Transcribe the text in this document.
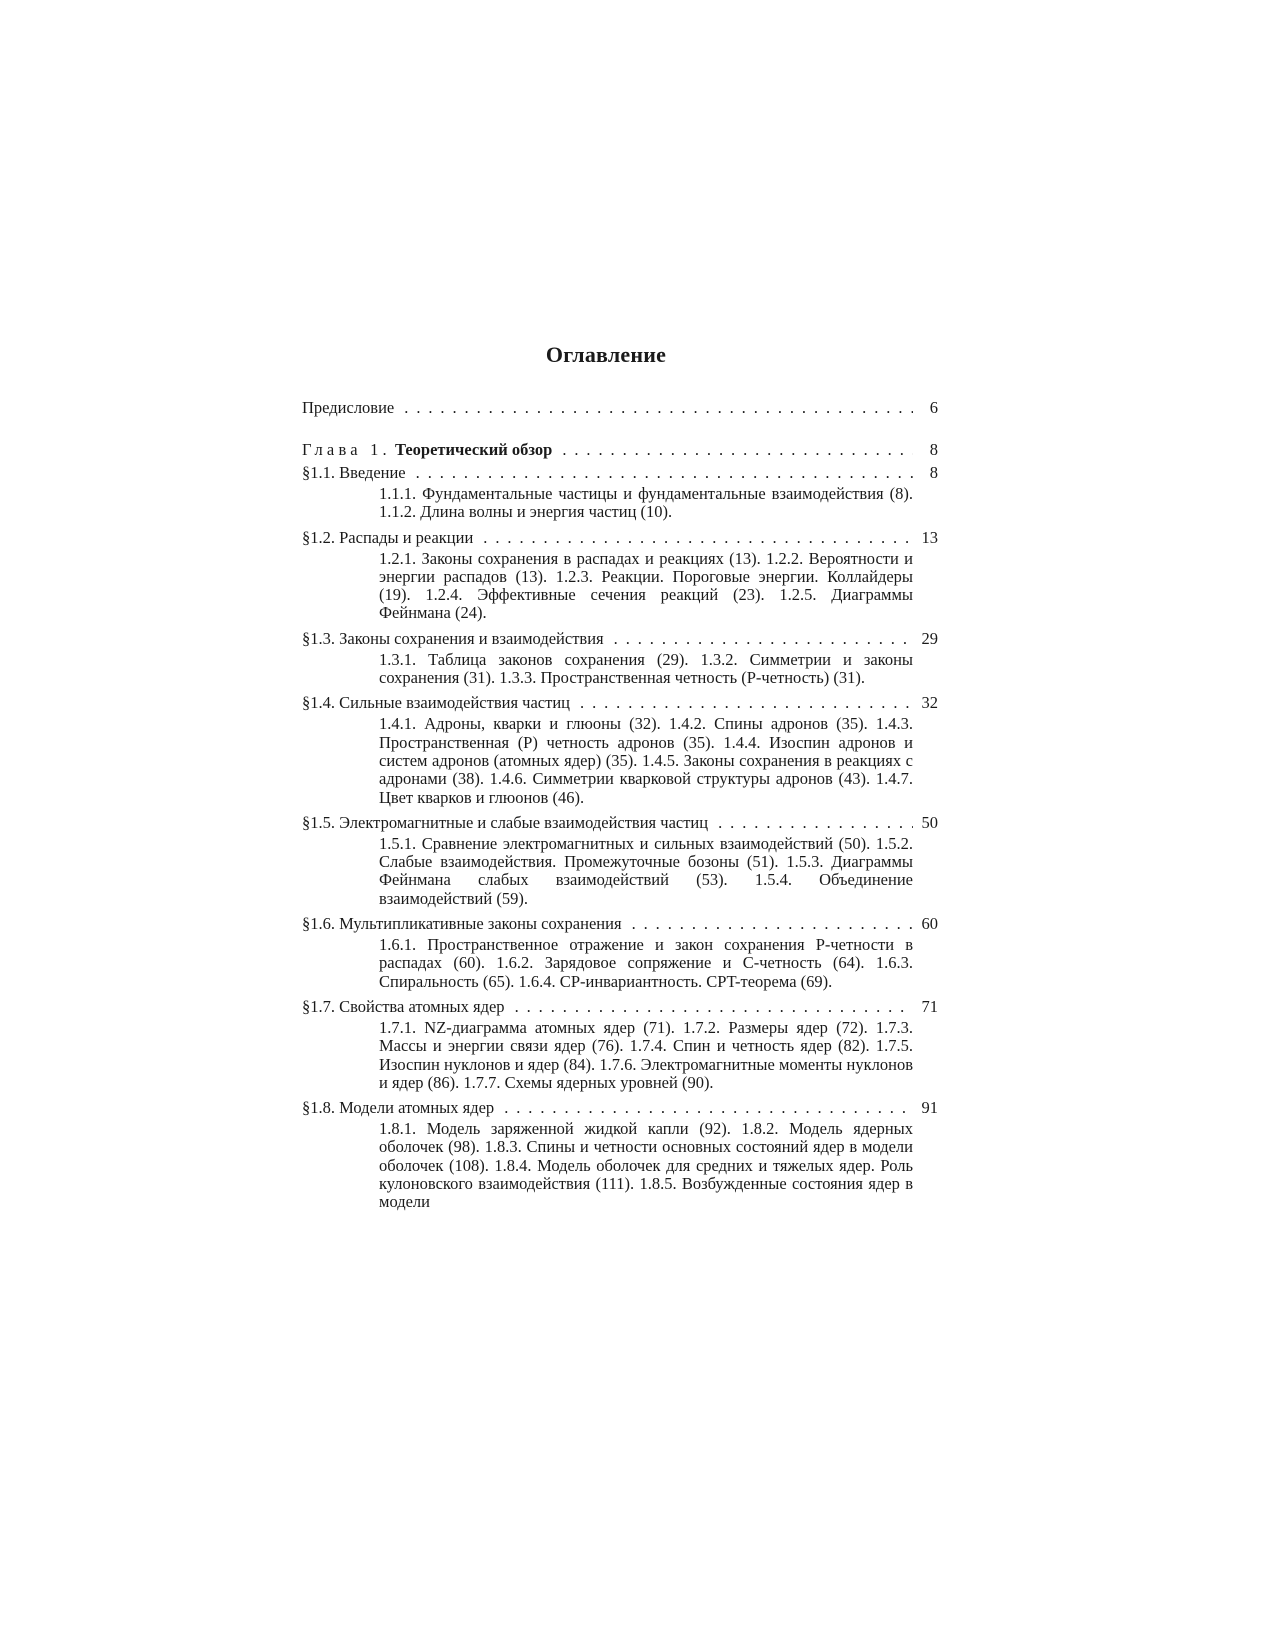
Оглавление
Предисловие . . .	6
Глава 1. Теоретический обзор . . .	8
§1.1. Введение . . .	8
1.1.1. Фундаментальные частицы и фундаментальные взаимодействия (8). 1.1.2. Длина волны и энергия частиц (10).
§1.2. Распады и реакции . . .	13
1.2.1. Законы сохранения в распадах и реакциях (13). 1.2.2. Вероятности и энергии распадов (13). 1.2.3. Реакции. Пороговые энергии. Коллайдеры (19). 1.2.4. Эффективные сечения реакций (23). 1.2.5. Диаграммы Фейнмана (24).
§1.3. Законы сохранения и взаимодействия . . .	29
1.3.1. Таблица законов сохранения (29). 1.3.2. Симметрии и законы сохранения (31). 1.3.3. Пространственная четность (P-четность) (31).
§1.4. Сильные взаимодействия частиц . . .	32
1.4.1. Адроны, кварки и глюоны (32). 1.4.2. Спины адронов (35). 1.4.3. Пространственная (P) четность адронов (35). 1.4.4. Изоспин адронов и систем адронов (атомных ядер) (35). 1.4.5. Законы сохранения в реакциях с адронами (38). 1.4.6. Симметрии кварковой структуры адронов (43). 1.4.7. Цвет кварков и глюонов (46).
§1.5. Электромагнитные и слабые взаимодействия частиц . . .	50
1.5.1. Сравнение электромагнитных и сильных взаимодействий (50). 1.5.2. Слабые взаимодействия. Промежуточные бозоны (51). 1.5.3. Диаграммы Фейнмана слабых взаимодействий (53). 1.5.4. Объединение взаимодействий (59).
§1.6. Мультипликативные законы сохранения . . .	60
1.6.1. Пространственное отражение и закон сохранения P-четности в распадах (60). 1.6.2. Зарядовое сопряжение и C-четность (64). 1.6.3. Спиральность (65). 1.6.4. CP-инвариантность. CPT-теорема (69).
§1.7. Свойства атомных ядер . . .	71
1.7.1. NZ-диаграмма атомных ядер (71). 1.7.2. Размеры ядер (72). 1.7.3. Массы и энергии связи ядер (76). 1.7.4. Спин и четность ядер (82). 1.7.5. Изоспин нуклонов и ядер (84). 1.7.6. Электромагнитные моменты нуклонов и ядер (86). 1.7.7. Схемы ядерных уровней (90).
§1.8. Модели атомных ядер . . .	91
1.8.1. Модель заряженной жидкой капли (92). 1.8.2. Модель ядерных оболочек (98). 1.8.3. Спины и четности основных состояний ядер в модели оболочек (108). 1.8.4. Модель оболочек для средних и тяжелых ядер. Роль кулоновского взаимодействия (111). 1.8.5. Возбужденные состояния ядер в модели
